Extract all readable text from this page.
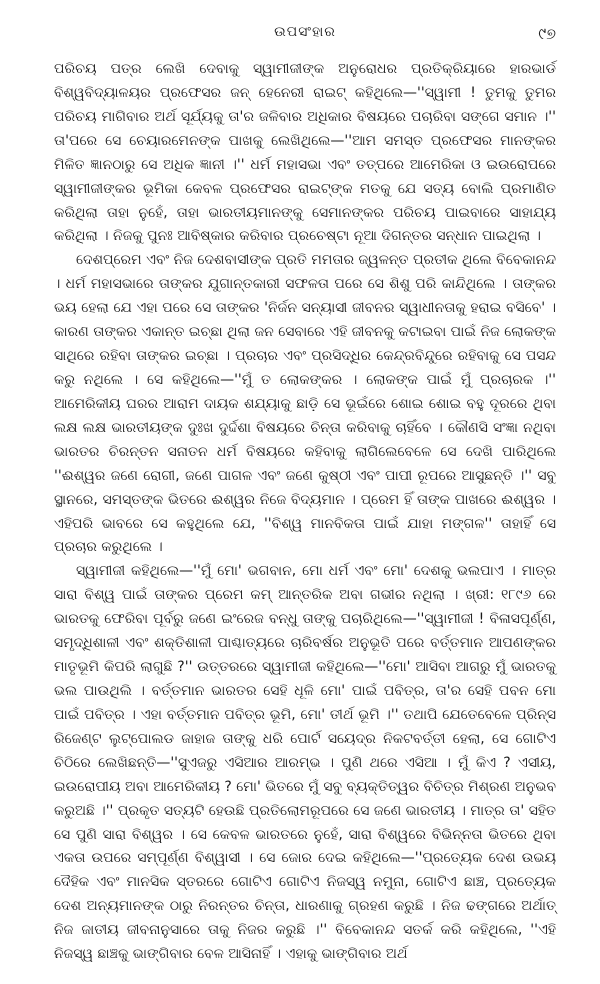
ଉପସଂହାର	୯୭

ପରିଚୟ ପତ୍ର ଲେଖି ଦେବାକୁ ସ୍ୱାମୀଜୀଙ୍କ ଅନୁରୋଧର ପ୍ରତିକ୍ରିୟାରେ ହାରଭାର୍ଡ ବିଶ୍ୱବିଦ୍ୟାଳୟର ପ୍ରଫେସର ଜନ୍ ହେନେରୀ ରାଇଟ୍ କହିଥିଲେ—''ସ୍ୱାମୀ ! ତୁମକୁ ତୁମର ପରିଚୟ ମାଗିବାର ଅର୍ଥ ସୂର୍ଯ୍ୟକୁ ତା'ର ଜଳିବାର ଅଧିକାର ବିଷୟରେ ପଚାରିବା ସଙ୍ଗେ ସମାନ ।'' ତା'ପରେ ସେ ଚେୟାରମେନଙ୍କ ପାଖକୁ ଲେଖିଥିଲେ—''ଆମ ସମସ୍ତ ପ୍ରଫେସର ମାନଙ୍କର ମିଳିତ ଜ୍ଞାନଠାରୁ ସେ ଅଧିକ ଜ୍ଞାନୀ ।'' ଧର୍ମ ମହାସଭା ଏବଂ ତତ୍ପରେ ଆମେରିକା ଓ ଇଉରୋପରେ ସ୍ୱାମୀଜୀଙ୍କର ଭୂମିକା କେବଳ ପ୍ରଫେସର ରାଇଟ୍ଙ୍କ ମତକୁ ଯେ ସତ୍ୟ ବୋଲି ପ୍ରମାଣିତ କରିଥିଲା ତାହା ନୁହେଁ, ତାହା ଭାରତୀୟମାନଙ୍କୁ ସେମାନଙ୍କର ପରିଚୟ ପାଇବାରେ ସାହାଯ୍ୟ କରିଥିଲା । ନିଜକୁ ପୁନଃ ଆବିଷ୍କାର କରିବାର ପ୍ରଚେଷ୍ଟା ନୂଆ ଦିଗନ୍ତର ସନ୍ଧାନ ପାଇଥିଲା ।

ଦେଶପ୍ରେମ ଏବଂ ନିଜ ଦେଶବାସୀଙ୍କ ପ୍ରତି ମମତାର ଜ୍ୱଳନ୍ତ ପ୍ରତୀକ ଥିଲେ ବିବେକାନନ୍ଦ । ଧର୍ମ ମହାସଭାରେ ତାଙ୍କର ଯୁଗାନ୍ତକାରୀ ସଫଳତା ପରେ ସେ ଶିଶୁ ପରି କାନ୍ଦିଥିଲେ । ତାଙ୍କର ଭୟ ହେଲା ଯେ ଏହା ପରେ ସେ ତାଙ୍କର 'ନିର୍ଜନ ସନ୍ୟାସୀ ଜୀବନର ସ୍ୱାଧୀନତାକୁ ହରାଇ ବସିବେ' । କାରଣ ତାଙ୍କର ଏକାନ୍ତ ଇଚ୍ଛା ଥିଲା ଜନ ସେବାରେ ଏହି ଜୀବନକୁ କଟାଇବା ପାଇଁ ନିଜ ଲୋକଙ୍କ ସାଥିରେ ରହିବା ତାଙ୍କର ଇଚ୍ଛା । ପ୍ରଚାର ଏବଂ ପ୍ରସିଦ୍ଧିର କେନ୍ଦ୍ରବିନ୍ଦୁରେ ରହିବାକୁ ସେ ପସନ୍ଦ କରୁ ନଥିଲେ । ସେ କହିଥିଲେ—''ମୁଁ ତ ଲୋକଙ୍କର । ଲୋକଙ୍କ ପାଇଁ ମୁଁ ପ୍ରଚାରକ ।'' ଆମେରିକୀୟ ଘରର ଆରାମ ଦାୟକ ଶଯ୍ୟାକୁ ଛାଡ଼ି ସେ ଭୂଇଁରେ ଶୋଇ ଶୋଇ ବହୁ ଦୂରରେ ଥିବା ଲକ୍ଷ ଲକ୍ଷ ଭାରତୀୟଙ୍କ ଦୁଃଖ ଦୁର୍ଦ୍ଦଶା ବିଷୟରେ ଚିନ୍ତା କରିବାକୁ ଚାହିଁବେ । କୌଣସି ସଂଜ୍ଞା ନଥିବା ଭାରତର ଚିରନ୍ତନ ସନାତନ ଧର୍ମ ବିଷୟରେ କହିବାକୁ ଲାଗିଲେବେଳେ ସେ ଦେଖି ପାରିଥିଲେ ''ଈଶ୍ୱର ଜଣେ ରୋଗୀ, ଜଣେ ପାଗଳ ଏବଂ ଜଣେ କୁଷ୍ଠୀ ଏବଂ ପାପୀ ରୂପରେ ଆସୁଛନ୍ତି ।'' ସବୁ ସ୍ଥାନରେ, ସମସ୍ତଙ୍କ ଭିତରେ ଈଶ୍ୱର ନିଜେ ବିଦ୍ୟମାନ । ପ୍ରେମ ହିଁ ତାଙ୍କ ପାଖରେ ଈଶ୍ୱର । ଏହିପରି ଭାବରେ ସେ କହୁଥିଲେ ଯେ, ''ବିଶ୍ୱ ମାନବିକତା ପାଇଁ ଯାହା ମଙ୍ଗଳ'' ତାହାହିଁ ସେ ପ୍ରଚାର କରୁଥିଲେ ।

ସ୍ୱାମୀଜୀ କହିଥିଲେ—''ମୁଁ ମୋ' ଭଗବାନ, ମୋ ଧର୍ମ ଏବଂ ମୋ' ଦେଶକୁ ଭଲପାଏ । ମାତ୍ର ସାରା ବିଶ୍ୱ ପାଇଁ ତାଙ୍କର ପ୍ରେମ କମ୍ ଆନ୍ତରିକ ଅବା ଗଭୀର ନଥିଲା । ଖ୍ରୀ: ୧୮୯୬ ରେ ଭାରତକୁ ଫେରିବା ପୂର୍ବରୁ ଜଣେ ଇଂରେଜ ବନ୍ଧୁ ତାଙ୍କୁ ପଚାରିଥିଲେ—''ସ୍ୱାମୀଜୀ ! ବିଳାସପୂର୍ଣ୍ଣ, ସମୃଦ୍ଧିଶାଳୀ ଏବଂ ଶକ୍ତିଶାଳୀ ପାଶ୍ଚାତ୍ୟରେ ଚାରିବର୍ଷର ଅନୁଭୂତି ପରେ ବର୍ତ୍ତମାନ ଆପଣଙ୍କର ମାତୃଭୂମି କିପରି ଲାଗୁଛି ?'' ଉତ୍ତରରେ ସ୍ୱାମୀଜୀ କହିଥିଲେ—''ମୋ' ଆସିବା ଆଗରୁ ମୁଁ ଭାରତକୁ ଭଲ ପାଉଥିଲି । ବର୍ତ୍ତମାନ ଭାରତର ସେହି ଧୂଳି ମୋ' ପାଇଁ ପବିତ୍ର, ତା'ର ସେହି ପବନ ମୋ ପାଇଁ ପବିତ୍ର । ଏହା ବର୍ତ୍ତମାନ ପବିତ୍ର ଭୂମି, ମୋ' ତୀର୍ଥ ଭୂମି ।'' ତଥାପି ଯେତେବେଳେ ପ୍ରିନ୍ସ ରିଜେଣ୍ଟ ଲୁଟ୍‌ପୋଲଡ ଜାହାଜ ତାଙ୍କୁ ଧରି ପୋର୍ଟ ସୟେଦ୍‌ର ନିକଟବର୍ତ୍ତୀ ହେଲା, ସେ ଗୋଟିଏ ଚିଠିରେ ଲେଖିଛନ୍ତି—''ସୁଏଜରୁ ଏସିଆର ଆରମ୍ଭ । ପୁଣି ଥରେ ଏସିଆ । ମୁଁ କିଏ ? ଏସୀୟ, ଇଉରୋପୀୟ ଅବା ଆମେରିକୀୟ ? ମୋ' ଭିତରେ ମୁଁ ସବୁ ବ୍ୟକ୍ତିତ୍ୱର ବିଚିତ୍ର ମିଶ୍ରଣ ଅନୁଭବ କରୁଅଛି ।'' ପ୍ରକୃତ ସତ୍ୟଟି ହେଉଛି ପ୍ରତିଲୋମରୂପରେ ସେ ଜଣେ ଭାରତୀୟ । ମାତ୍ର ତା' ସହିତ ସେ ପୁଣି ସାରା ବିଶ୍ୱର । ସେ କେବଳ ଭାରତରେ ନୁହେଁ, ସାରା ବିଶ୍ୱରେ ବିଭିନ୍ନତା ଭିତରେ ଥିବା ଏକତା ଉପରେ ସମ୍ପୂର୍ଣ୍ଣ ବିଶ୍ୱାସୀ । ସେ ଜୋର ଦେଇ କହିଥିଲେ—''ପ୍ରତ୍ୟେକ ଦେଶ ଉଭୟ ଦୈହିକ ଏବଂ ମାନସିକ ସ୍ତରରେ ଗୋଟିଏ ଗୋଟିଏ ନିଜସ୍ୱ ନମୁନା, ଗୋଟିଏ ଛାଞ୍ଚ, ପ୍ରତ୍ୟେକ ଦେଶ ଅନ୍ୟମାନଙ୍କ ଠାରୁ ନିରନ୍ତର ଚିନ୍ତା, ଧାରଣାକୁ ଗ୍ରହଣ କରୁଛି । ନିଜ ଢଙ୍ଗରେ ଅର୍ଥାତ୍ ନିଜ ଜାତୀୟ ଜୀବନାନୁସାରେ ତାକୁ ନିଜର କରୁଛି ।'' ବିବେକାନନ୍ଦ ସତର୍କ କରି କହିଥିଲେ, ''ଏହି ନିଜସ୍ୱ ଛାଞ୍ଚକୁ ଭାଙ୍ଗିବାର ବେଳ ଆସିନାହିଁ । ଏହାକୁ ଭାଙ୍ଗିବାର ଅର୍ଥ
